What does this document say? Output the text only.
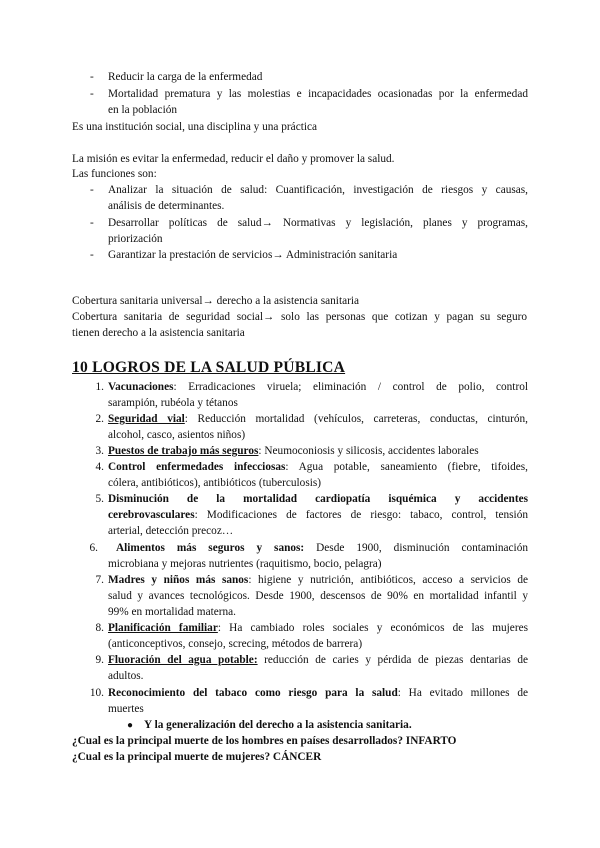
- Reducir la carga de la enfermedad
- Mortalidad prematura y las molestias e incapacidades ocasionadas por la enfermedad
en la población
Es una institución social, una disciplina y una práctica
La misión es evitar la enfermedad, reducir el daño y promover la salud.
Las funciones son:
- Analizar la situación de salud: Cuantificación, investigación de riesgos y causas,
análisis de determinantes.
- Desarrollar políticas de salud→ Normativas y legislación, planes y programas,
priorización
- Garantizar la prestación de servicios→ Administración sanitaria
Cobertura sanitaria universal→ derecho a la asistencia sanitaria
Cobertura sanitaria de seguridad social→ solo las personas que cotizan y pagan su seguro
tienen derecho a la asistencia sanitaria
10 LOGROS DE LA SALUD PÚBLICA
1. Vacunaciones: Erradicaciones viruela; eliminación / control de polio, control
sarampión, rubéola y tétanos
2. Seguridad vial: Reducción mortalidad (vehículos, carreteras, conductas, cinturón,
alcohol, casco, asientos niños)
3. Puestos de trabajo más seguros: Neumoconiosis y silicosis, accidentes laborales
4. Control enfermedades infecciosas: Agua potable, saneamiento (fiebre, tifoides,
cólera, antibióticos), antibióticos (tuberculosis)
5. Disminución de la mortalidad cardiopatía isquémica y accidentes
cerebrovasculares: Modificaciones de factores de riesgo: tabaco, control, tensión
arterial, detección precoz…
6. Alimentos más seguros y sanos: Desde 1900, disminución contaminación
microbiana y mejoras nutrientes (raquitismo, bocio, pelagra)
7. Madres y niños más sanos: higiene y nutrición, antibióticos, acceso a servicios de
salud y avances tecnológicos. Desde 1900, descensos de 90% en mortalidad infantil y
99% en mortalidad materna.
8. Planificación familiar: Ha cambiado roles sociales y económicos de las mujeres
(anticonceptivos, consejo, screcing, métodos de barrera)
9. Fluoración del agua potable: reducción de caries y pérdida de piezas dentarias de
adultos.
10. Reconocimiento del tabaco como riesgo para la salud: Ha evitado millones de
muertes
● Y la generalización del derecho a la asistencia sanitaria.
¿Cual es la principal muerte de los hombres en países desarrollados? INFARTO
¿Cual es la principal muerte de mujeres? CÁNCER
